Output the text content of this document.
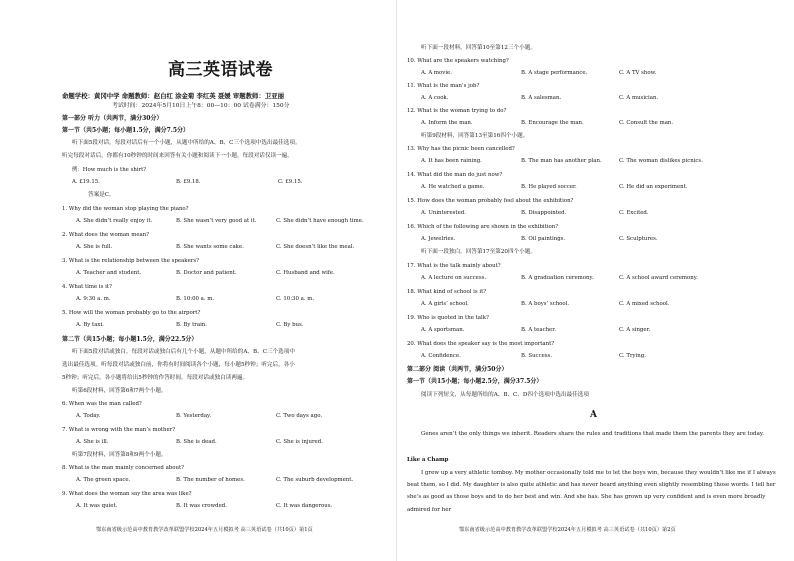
高三英语试卷
命题学校：黄冈中学 命题教师：赵白红 涂金菊 李红英 聂媛 审题教师：卫亚丽
考试时间：2024年5月10日上午8：00—10：00 试卷满分：150分
第一部分 听力（共两节，满分30分）
第一节（共5小题；每小题1.5分，满分7.5分）
听下面5段对话。每段对话后有一个小题，从题中所给的A、B、C三个选项中选出最佳选项。
听完每段对话后，你都有10秒钟的时间来回答有关小题和阅读下一小题。每段对话仅读一遍。
例：How much is the shirt?
A. £19.15.	B. £9.18.	C. £9.15.
答案是C。
1. Why did the woman stop playing the piano?
A. She didn’t really enjoy it.	B. She wasn’t very good at it.	C. She didn’t have enough time.
2. What does the woman mean?
A. She is full.	B. She wants some cake.	C. She doesn’t like the meal.
3. What is the relationship between the speakers?
A. Teacher and student.	B. Doctor and patient.	C. Husband and wife.
4. What time is it?
A. 9:30 a. m.	B. 10:00 a. m.	C. 10:30 a. m.
5. How will the woman probably go to the airport?
A. By taxi.	B. By train.	C. By bus.
第二节（共15小题；每小题1.5分，满分22.5分）
听下面5段对话或独白。每段对话或独白后有几个小题，从题中所给的A、B、C三个选项中
选出最佳选项。听每段对话或独白前，你将有时间阅读各个小题，每小题5秒钟；听完后，各小
5秒钟；听完后，各小题将给出5秒钟的作答时间。每段对话或独白读两遍。
听第6段材料，回答第6和7两个小题。
6. When was the man called?
A. Today.	B. Yesterday.	C. Two days ago.
7. What is wrong with the man’s mother?
A. She is ill.	B. She is dead.	C. She is injured.
听第7段材料，回答第8和9两个小题。
8. What is the man mainly concerned about?
A. The green space.	B. The number of homes.	C. The suburb development.
9. What does the woman say the area was like?
A. It was quiet.	B. It was crowded.	C. It was dangerous.
鄂东南省级示范高中教育教学改革联盟学校2024年五月模拟考 高三英语试卷（共10页）第1页
听下面一段材料，回答第10至第12三个小题。
10. What are the speakers watching?
A. A movie.	B. A stage performance.	C. A TV show.
11. What is the man’s job?
A. A cook.	B. A salesman.	C. A musician.
12. What is the woman trying to do?
A. Inform the man.	B. Encourage the man.	C. Consult the man.
听第9段材料，回答第13至第16四个小题。
13. Why has the picnic been cancelled?
A. It has been raining.	B. The man has another plan.	C. The woman dislikes picnics.
14. What did the man do just now?
A. He watched a game.	B. He played soccer.	C. He did an experiment.
15. How does the woman probably feel about the exhibition?
A. Uninterested.	B. Disappointed.	C. Excited.
16. Which of the following are shown in the exhibition?
A. Jewelries.	B. Oil paintings.	C. Sculptures.
听下面一段独白，回答第17至第20四个小题。
17. What is the talk mainly about?
A. A lecture on success.	B. A graduation ceremony.	C. A school award ceremony.
18. What kind of school is it?
A. A girls’ school.	B. A boys’ school.	C. A mixed school.
19. Who is quoted in the talk?
A. A sportsman.	B. A teacher.	C. A singer.
20. What does the speaker say is the most important?
A. Confidence.	B. Success.	C. Trying.
第二部分 阅读（共两节，满分50分）
第一节（共15小题；每小题2.5分，满分37.5分）
阅读下列短文，从每题所给的A、B、C、D四个选项中选出最佳选项
A
Genes aren’t the only things we inherit. Readers share the rules and traditions that made them the parents they are today.
Like a Champ
I grew up a very athletic tomboy. My mother occasionally told me to let the boys win, because they wouldn’t like me if I always beat them, so I did. My daughter is also quite athletic and has never heard anything even slightly resembling those words. I tell her she’s as good as those boys and to do her best and win. And she has. She has grown up very confident and is even more broadly admired for her
鄂东南省级示范高中教育教学改革联盟学校2024年五月模拟考 高三英语试卷（共10页）第2页
